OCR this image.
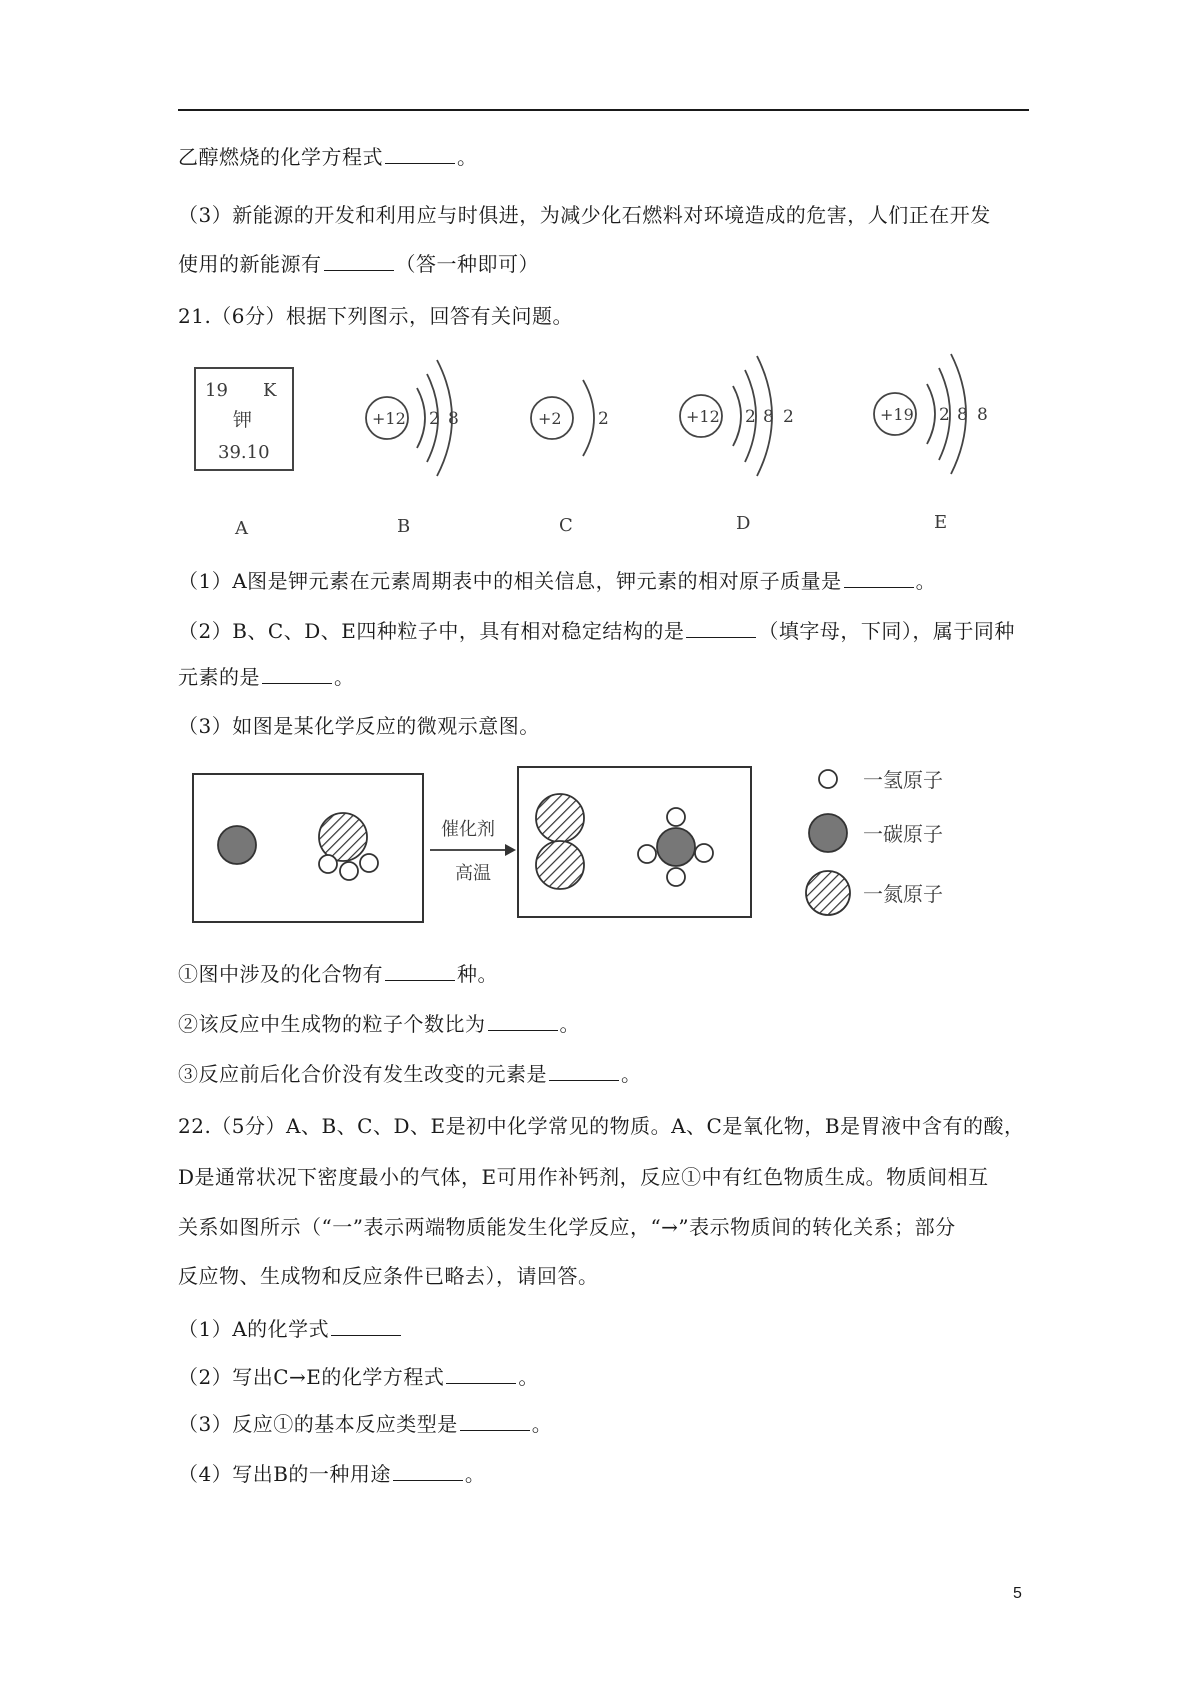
乙醇燃烧的化学方程式	。
（3）新能源的开发和利用应与时俱进，为减少化石燃料对环境造成的危害，人们正在开发
使用的新能源有	（答一种即可）
21.（6分）根据下列图示，回答有关问题。
19 K
钾
39.10
+12 2 8	+2 2	+12 2 8 2	+19 2 8 8
A	B	C	D	E
（1）A图是钾元素在元素周期表中的相关信息，钾元素的相对原子质量是	。
（2）B、C、D、E四种粒子中，具有相对稳定结构的是	（填字母，下同），属于同种
元素的是	。
（3）如图是某化学反应的微观示意图。
催化剂
高温
一氢原子
一碳原子
一氮原子
①图中涉及的化合物有	种。
②该反应中生成物的粒子个数比为	。
③反应前后化合价没有发生改变的元素是	。
22.（5分）A、B、C、D、E是初中化学常见的物质。A、C是氧化物，B是胃液中含有的酸，
D是通常状况下密度最小的气体，E可用作补钙剂，反应①中有红色物质生成。物质间相互
关系如图所示（“一”表示两端物质能发生化学反应，“→”表示物质间的转化关系；部分
反应物、生成物和反应条件已略去），请回答。
（1）A的化学式
（2）写出C→E的化学方程式	。
（3）反应①的基本反应类型是	。
（4）写出B的一种用途	。
5
